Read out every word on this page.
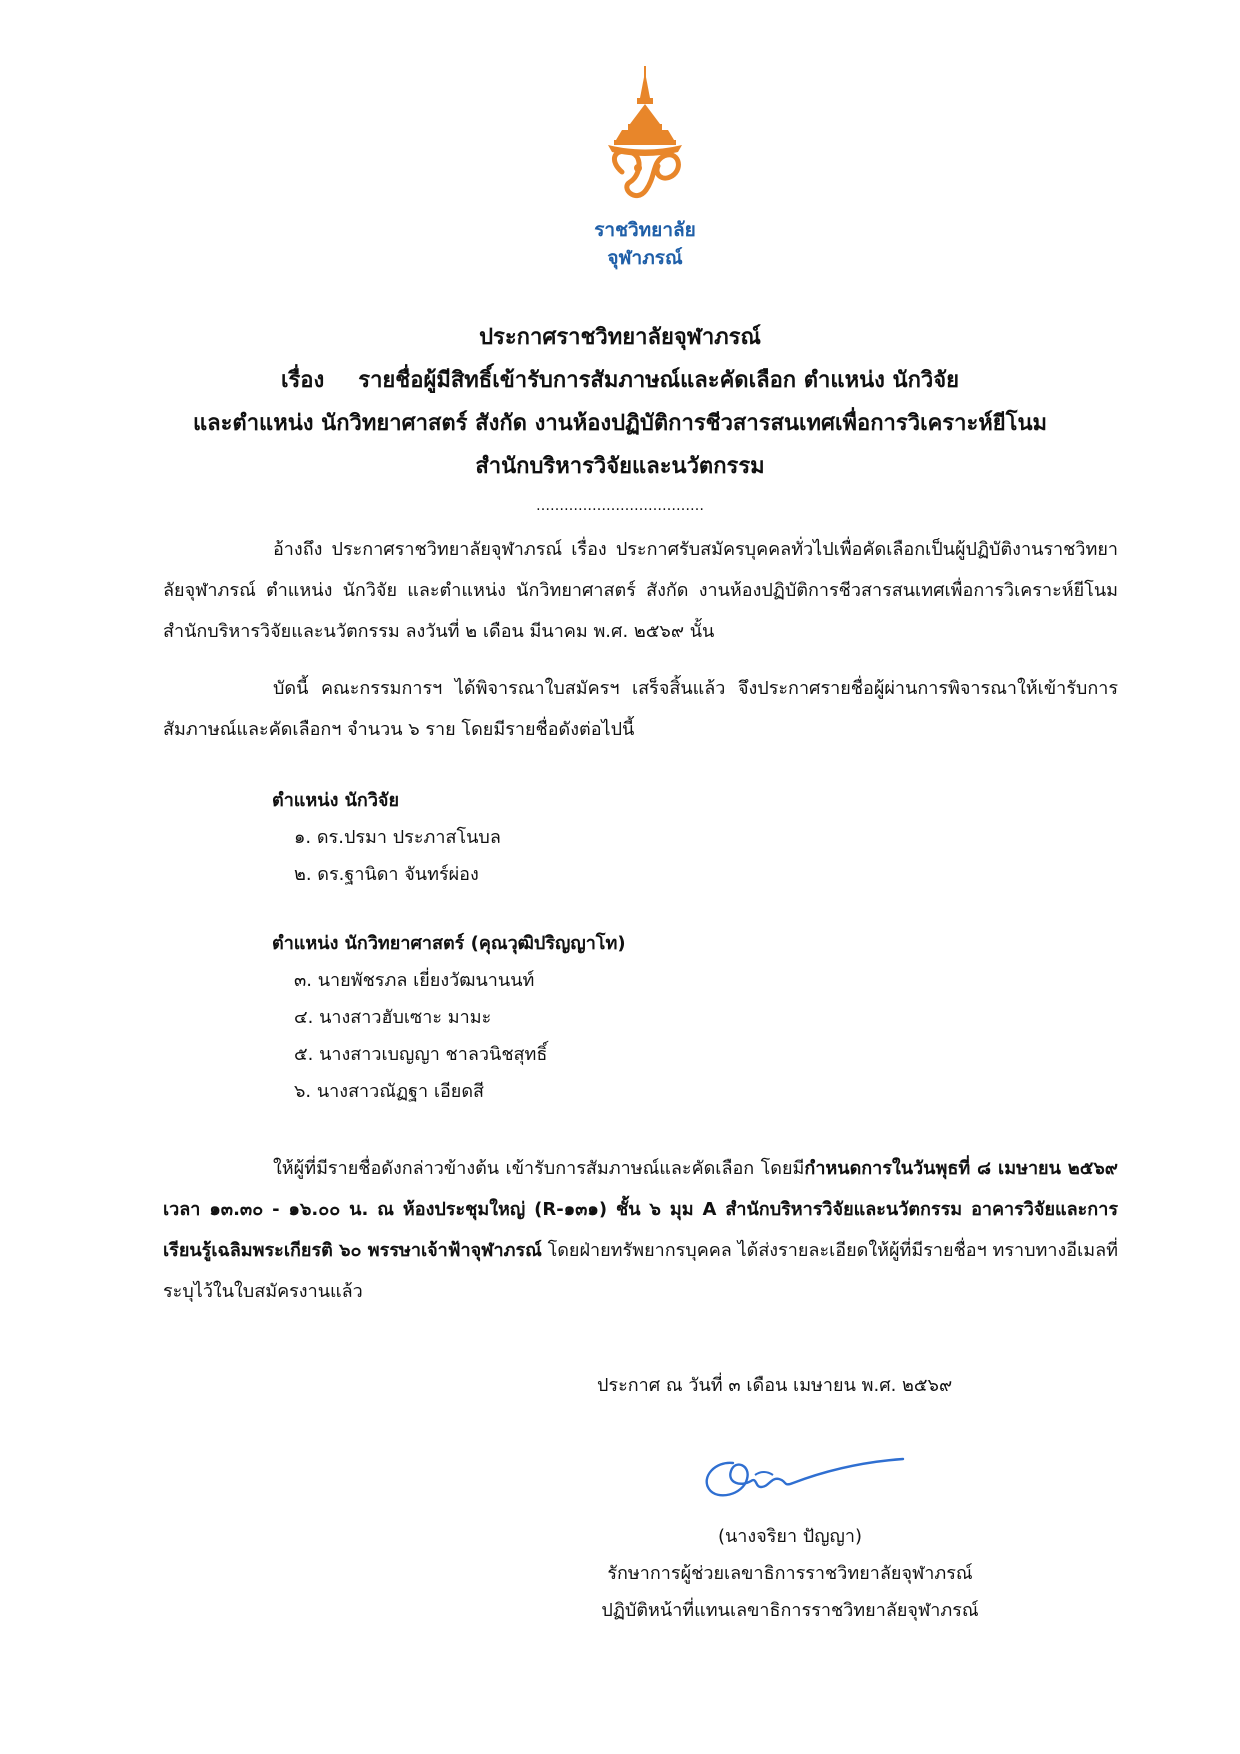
ราชวิทยาลัย
จุฬาภรณ์
ประกาศราชวิทยาลัยจุฬาภรณ์
เรื่อง รายชื่อผู้มีสิทธิ์เข้ารับการสัมภาษณ์และคัดเลือก ตำแหน่ง นักวิจัย
และตำแหน่ง นักวิทยาศาสตร์ สังกัด งานห้องปฏิบัติการชีวสารสนเทศเพื่อการวิเคราะห์ยีโนม
สำนักบริหารวิจัยและนวัตกรรม
………………………………
อ้างถึง ประกาศราชวิทยาลัยจุฬาภรณ์ เรื่อง ประกาศรับสมัครบุคคลทั่วไปเพื่อคัดเลือกเป็นผู้ปฏิบัติงานราชวิทยาลัยจุฬาภรณ์ ตำแหน่ง นักวิจัย และตำแหน่ง นักวิทยาศาสตร์ สังกัด งานห้องปฏิบัติการชีวสารสนเทศเพื่อการวิเคราะห์ยีโนม สำนักบริหารวิจัยและนวัตกรรม ลงวันที่ ๒ เดือน มีนาคม พ.ศ. ๒๕๖๙ นั้น
บัดนี้ คณะกรรมการฯ ได้พิจารณาใบสมัครฯ เสร็จสิ้นแล้ว จึงประกาศรายชื่อผู้ผ่านการพิจารณาให้เข้ารับการสัมภาษณ์และคัดเลือกฯ จำนวน ๖ ราย โดยมีรายชื่อดังต่อไปนี้
ตำแหน่ง นักวิจัย
๑. ดร.ปรมา ประภาสโนบล
๒. ดร.ฐานิดา จันทร์ผ่อง
ตำแหน่ง นักวิทยาศาสตร์ (คุณวุฒิปริญญาโท)
๓. นายพัชรภล เยี่ยงวัฒนานนท์
๔. นางสาวฮับเซาะ มามะ
๕. นางสาวเบญญา ชาลวนิชสุทธิ์
๖. นางสาวณัฏฐา เอียดสี
ให้ผู้ที่มีรายชื่อดังกล่าวข้างต้น เข้ารับการสัมภาษณ์และคัดเลือก โดยมีกำหนดการในวันพุธที่ ๘ เมษายน ๒๕๖๙ เวลา ๑๓.๓๐ - ๑๖.๐๐ น. ณ ห้องประชุมใหญ่ (R-๑๓๑) ชั้น ๖ มุม A สำนักบริหารวิจัยและนวัตกรรม อาคารวิจัยและการเรียนรู้เฉลิมพระเกียรติ ๖๐ พรรษาเจ้าฟ้าจุฬาภรณ์ โดยฝ่ายทรัพยากรบุคคล ได้ส่งรายละเอียดให้ผู้ที่มีรายชื่อฯ ทราบทางอีเมลที่ระบุไว้ในใบสมัครงานแล้ว
ประกาศ ณ วันที่ ๓ เดือน เมษายน พ.ศ. ๒๕๖๙
(นางจริยา ปัญญา)
รักษาการผู้ช่วยเลขาธิการราชวิทยาลัยจุฬาภรณ์
ปฏิบัติหน้าที่แทนเลขาธิการราชวิทยาลัยจุฬาภรณ์
